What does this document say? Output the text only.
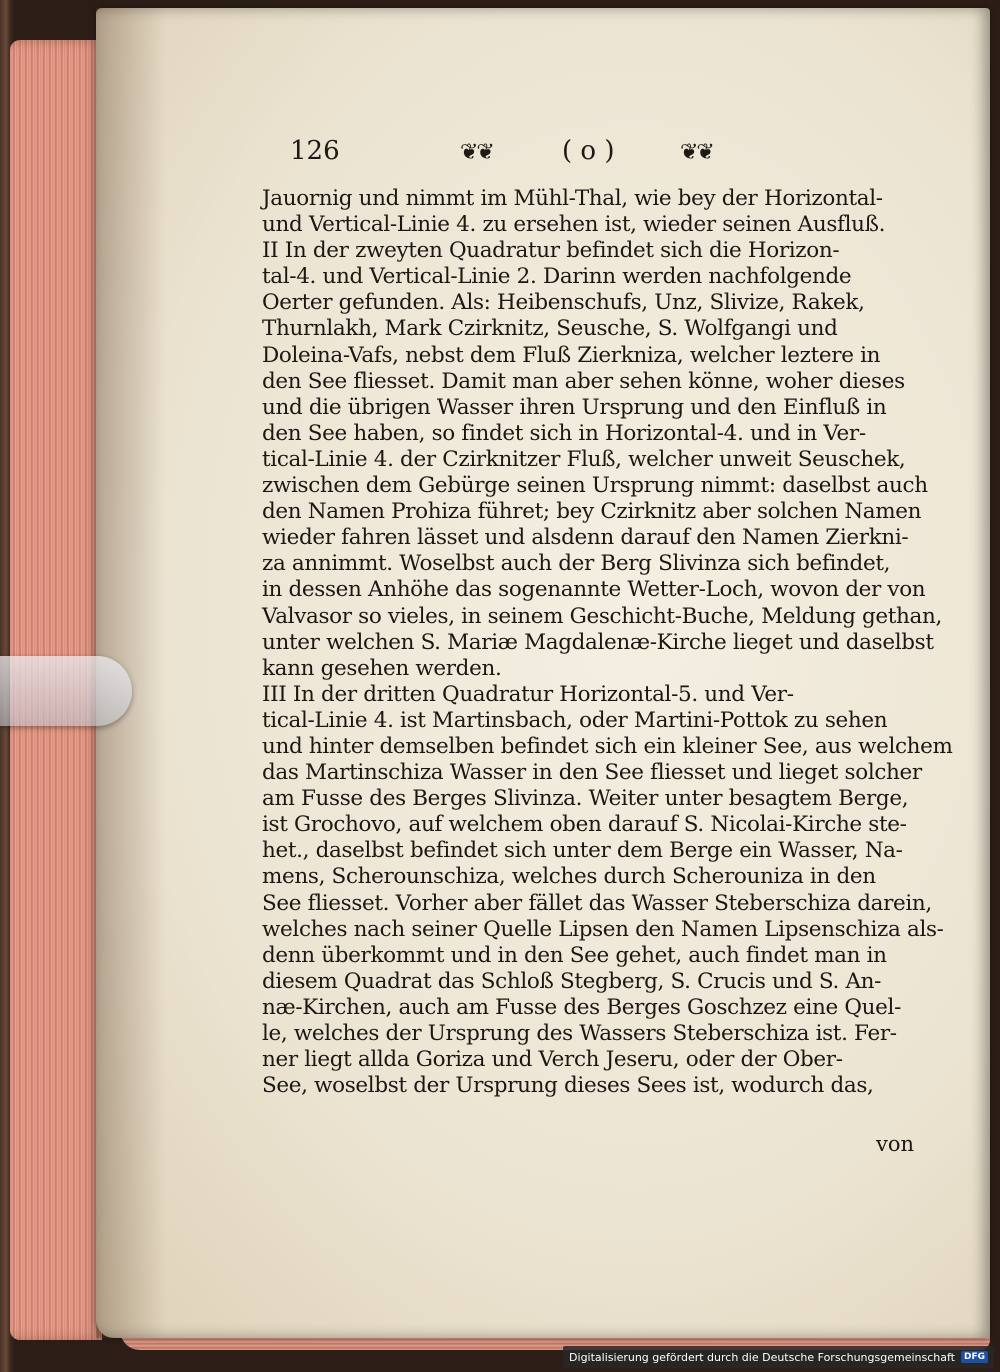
126	❦❦	( o )	❦❦
Jauornig und nimmt im Mühl-Thal, wie bey der Horizontal-
und Vertical-Linie 4. zu ersehen ist, wieder seinen Ausfluß.
II In der zweyten Quadratur befindet sich die Horizon-
tal-4. und Vertical-Linie 2. Darinn werden nachfolgende
Oerter gefunden. Als: Heibenschufs, Unz, Slivize, Rakek,
Thurnlakh, Mark Czirknitz, Seusche, S. Wolfgangi und
Doleina-Vafs, nebst dem Fluß Zierkniza, welcher leztere in
den See fliesset. Damit man aber sehen könne, woher dieses
und die übrigen Wasser ihren Ursprung und den Einfluß in
den See haben, so findet sich in Horizontal-4. und in Ver-
tical-Linie 4. der Czirknitzer Fluß, welcher unweit Seuschek,
zwischen dem Gebürge seinen Ursprung nimmt: daselbst auch
den Namen Prohiza führet; bey Czirknitz aber solchen Namen
wieder fahren lässet und alsdenn darauf den Namen Zierkni-
za annimmt. Woselbst auch der Berg Slivinza sich befindet,
in dessen Anhöhe das sogenannte Wetter-Loch, wovon der von
Valvasor so vieles, in seinem Geschicht-Buche, Meldung gethan,
unter welchen S. Mariæ Magdalenæ-Kirche lieget und daselbst
kann gesehen werden.
III In der dritten Quadratur Horizontal-5. und Ver-
tical-Linie 4. ist Martinsbach, oder Martini-Pottok zu sehen
und hinter demselben befindet sich ein kleiner See, aus welchem
das Martinschiza Wasser in den See fliesset und lieget solcher
am Fusse des Berges Slivinza. Weiter unter besagtem Berge,
ist Grochovo, auf welchem oben darauf S. Nicolai-Kirche ste-
het., daselbst befindet sich unter dem Berge ein Wasser, Na-
mens, Scherounschiza, welches durch Scherouniza in den
See fliesset. Vorher aber fället das Wasser Steberschiza darein,
welches nach seiner Quelle Lipsen den Namen Lipsenschiza als-
denn überkommt und in den See gehet, auch findet man in
diesem Quadrat das Schloß Stegberg, S. Crucis und S. An-
næ-Kirchen, auch am Fusse des Berges Goschzez eine Quel-
le, welches der Ursprung des Wassers Steberschiza ist. Fer-
ner liegt allda Goriza und Verch Jeseru, oder der Ober-
See, woselbst der Ursprung dieses Sees ist, wodurch das,
von
Digitalisierung gefördert durch die Deutsche Forschungsgemeinschaft	DFG
